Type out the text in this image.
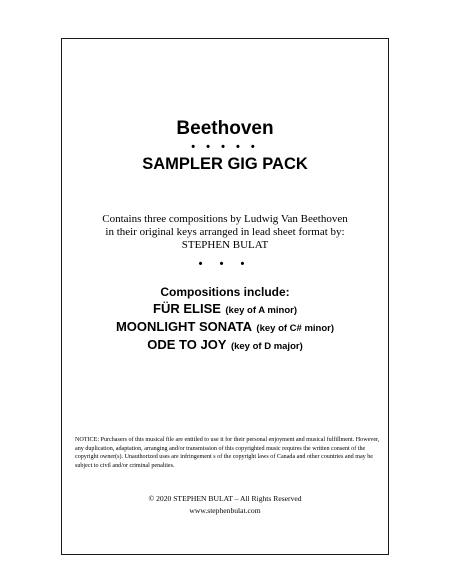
Beethoven
• • • • •
SAMPLER GIG PACK
Contains three compositions by Ludwig Van Beethoven
in their original keys arranged in lead sheet format by:
STEPHEN BULAT
• • •
Compositions include:
FÜR ELISE (key of A minor)
MOONLIGHT SONATA (key of C# minor)
ODE TO JOY (key of D major)
NOTICE: Purchasers of this musical file are entitled to use it for their personal enjoyment and musical fulfillment. However, any duplication, adaptation, arranging and/or transmission of this copyrighted music requires the written consent of the copyright owner(s). Unauthorized uses are infringement s of the copyright laws of Canada and other countries and may be subject to civil and/or criminal penalties.
© 2020 STEPHEN BULAT – All Rights Reserved
www.stephenbulat.com
